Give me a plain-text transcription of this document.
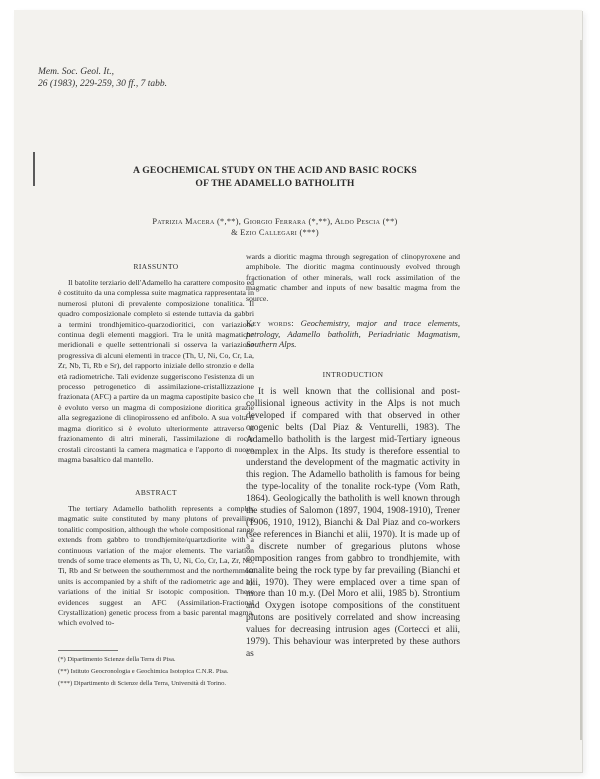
Mem. Soc. Geol. It.,
26 (1983), 229-259, 30 ff., 7 tabb.
A GEOCHEMICAL STUDY ON THE ACID AND BASIC ROCKS
OF THE ADAMELLO BATHOLITH
Patrizia Macera (*,**), Giorgio Ferrara (*,**), Aldo Pescia (**)
& Ezio Callegari (***)
RIASSUNTO

Il batolite terziario dell'Adamello ha carattere composito ed è costituito da una complessa suite magmatica rappresentata in numerosi plutoni di prevalente composizione tonalitica. Il quadro composizionale completo si estende tuttavia da gabbri a termini trondhjemitico-quarzodioritici, con variazione continua degli elementi maggiori. Tra le unità magmatiche meridionali e quelle settentrionali si osserva la variazione progressiva di alcuni elementi in tracce (Th, U, Ni, Co, Cr, La, Zr, Nb, Ti, Rb e Sr), del rapporto iniziale dello stronzio e della età radiometriche. Tali evidenze suggeriscono l'esistenza di un processo petrogenetico di assimilazione-cristallizzazione frazionata (AFC) a partire da un magma capostipite basico che è evoluto verso un magma di composizione dioritica grazie alla segregazione di clinopirosseno ed anfibolo. A sua volta il magma dioritico si è evoluto ulteriormente attraverso il frazionamento di altri minerali, l'assimilazione di rocce crostali circostanti la camera magmatica e l'apporto di nuovo magma basaltico dal mantello.

ABSTRACT

The tertiary Adamello batholith represents a complex magmatic suite constituted by many plutons of prevailing tonalitic composition, although the whole compositional range extends from gabbro to trondhjemite/quartzdiorite with a continuous variation of the major elements. The variation trends of some trace elements as Th, U, Ni, Co, Cr, La, Zr, Nb, Ti, Rb and Sr between the southernmost and the northernmost units is accompanied by a shift of the radiometric age and by variations of the initial Sr isotopic composition. These evidences suggest an AFC (Assimilation-Fractional Crystallization) genetic process from a basic parental magma, which evolved to-

(*) Dipartimento Scienze della Terra di Pisa.
(**) Istituto Geocronologia e Geochimica Isotopica C.N.R. Pisa.
(***) Dipartimento di Scienze della Terra, Università di Torino.
wards a dioritic magma through segregation of clinopyroxene and amphibole. The dioritic magma continuously evolved through fractionation of other minerals, wall rock assimilation of the magmatic chamber and inputs of new basaltic magma from the source.
Key words: Geochemistry, major and trace elements, petrology, Adamello batholith, Periadriatic Magmatism, Southern Alps.
INTRODUCTION

It is well known that the collisional and post-collisional igneous activity in the Alps is not much developed if compared with that observed in other orogenic belts (Dal Piaz & Venturelli, 1983). The Adamello batholith is the largest mid-Tertiary igneous complex in the Alps. Its study is therefore essential to understand the development of the magmatic activity in this region. The Adamello batholith is famous for being the type-locality of the tonalite rock-type (Vom Rath, 1864). Geologically the batholith is well known through the studies of Salomon (1897, 1904, 1908-1910), Trener (1906, 1910, 1912), Bianchi & Dal Piaz and co-workers (see references in Bianchi et alii, 1970). It is made up of a discrete number of gregarious plutons whose composition ranges from gabbro to trondhjemite, with tonalite being the rock type by far prevailing (Bianchi et alii, 1970). They were emplaced over a time span of more than 10 m.y. (Del Moro et alii, 1985 b). Strontium and Oxygen isotope compositions of the constituent plutons are positively correlated and show increasing values for decreasing intrusion ages (Cortecci et alii, 1979). This behaviour was interpreted by these authors as
